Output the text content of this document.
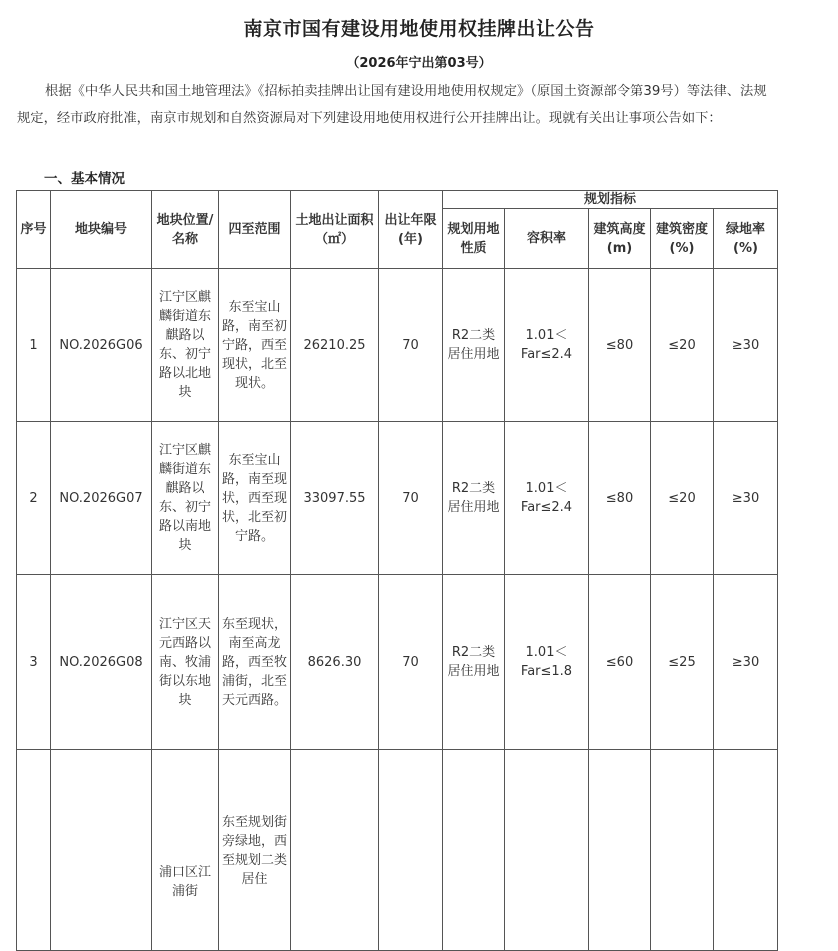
南京市国有建设用地使用权挂牌出让公告
（2026年宁出第03号）

根据《中华人民共和国土地管理法》《招标拍卖挂牌出让国有建设用地使用权规定》（原国土资源部令第39号）等法律、法规规定，经市政府批准，南京市规划和自然资源局对下列建设用地使用权进行公开挂牌出让。现就有关出让事项公告如下：

一、基本情况
序号	地块编号	地块位置/名称	四至范围	土地出让面积（㎡）	出让年限(年)	规划指标				
						规划用地性质	容积率	建筑高度(m)	建筑密度(%)	绿地率(%)
1	NO.2026G06	江宁区麒麟街道东麒路以东、初宁路以北地块	东至宝山路，南至初宁路，西至现状，北至现状。	26210.25	70	R2二类居住用地	1.01＜Far≤2.4	≤80	≤20	≥30
2	NO.2026G07	江宁区麒麟街道东麒路以东、初宁路以南地块	东至宝山路，南至现状，西至现状，北至初宁路。	33097.55	70	R2二类居住用地	1.01＜Far≤2.4	≤80	≤20	≥30
3	NO.2026G08	江宁区天元西路以南、牧浦街以东地块	东至现状，南至高龙路，西至牧浦街，北至天元西路。	8626.30	70	R2二类居住用地	1.01＜Far≤1.8	≤60	≤25	≥30

		浦口区江浦街	东至规划街旁绿地，西至规划二类居住							
